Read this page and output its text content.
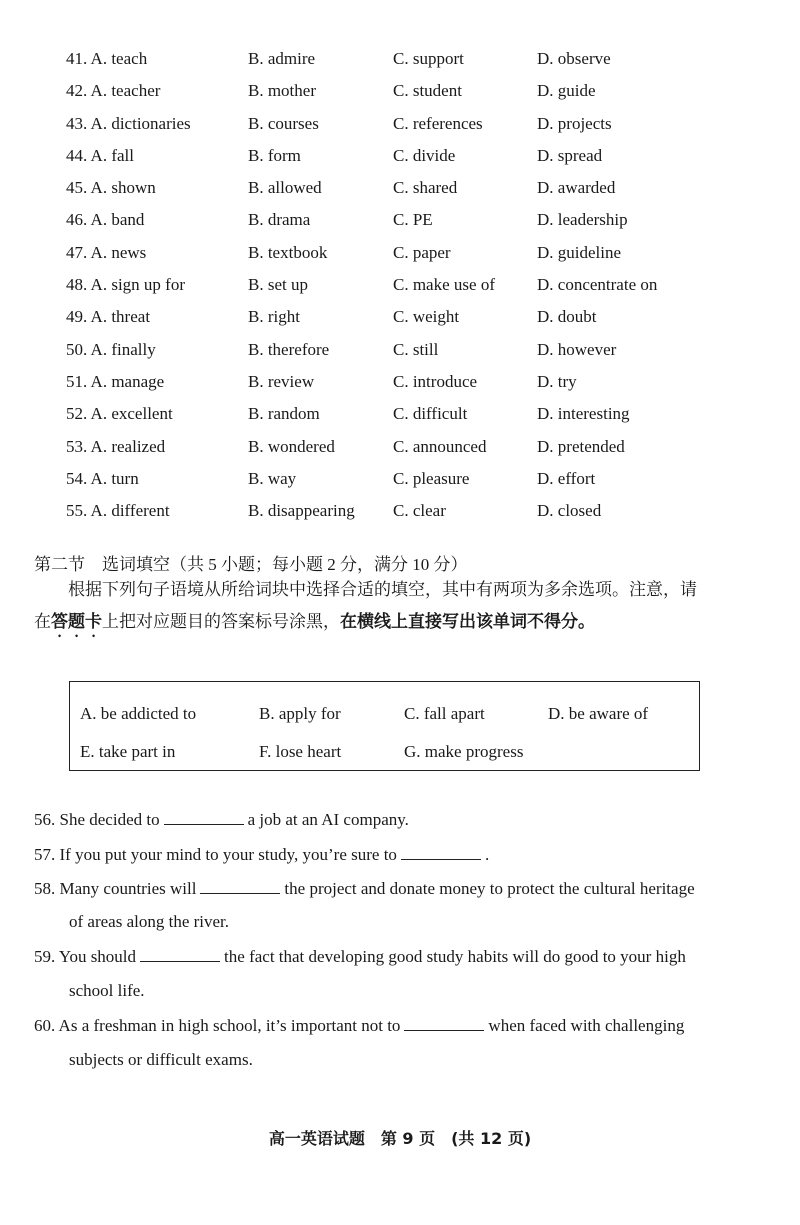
41. A. teach	B. admire	C. support	D. observe
42. A. teacher	B. mother	C. student	D. guide
43. A. dictionaries	B. courses	C. references	D. projects
44. A. fall	B. form	C. divide	D. spread
45. A. shown	B. allowed	C. shared	D. awarded
46. A. band	B. drama	C. PE	D. leadership
47. A. news	B. textbook	C. paper	D. guideline
48. A. sign up for	B. set up	C. make use of D. concentrate on
49. A. threat	B. right	C. weight	D. doubt
50. A. finally	B. therefore	C. still	D. however
51. A. manage	B. review	C. introduce	D. try
52. A. excellent	B. random	C. difficult	D. interesting
53. A. realized	B. wondered	C. announced	D. pretended
54. A. turn	B. way	C. pleasure	D. effort
55. A. different	B. disappearing C. clear	D. closed
第二节　选词填空（共 5 小题；每小题 2 分，满分 10 分）
根据下列句子语境从所给词块中选择合适的填空，其中有两项为多余选项。注意，请
在答题卡上把对应题目的答案标号涂黑，在横线上直接写出该单词不得分。
A. be addicted to	B. apply for	C. fall apart	D. be aware of
E. take part in	F. lose heart	G. make progress
56. She decided to	a job at an AI company.
57. If you put your mind to your study, you’re sure to	.
58. Many countries will	the project and donate money to protect the cultural heritage
of areas along the river.
59. You should	the fact that developing good study habits will do good to your high
school life.
60. As a freshman in high school, it’s important not to	when faced with challenging
subjects or difficult exams.
高一英语试题　第 9 页　(共 12 页)
